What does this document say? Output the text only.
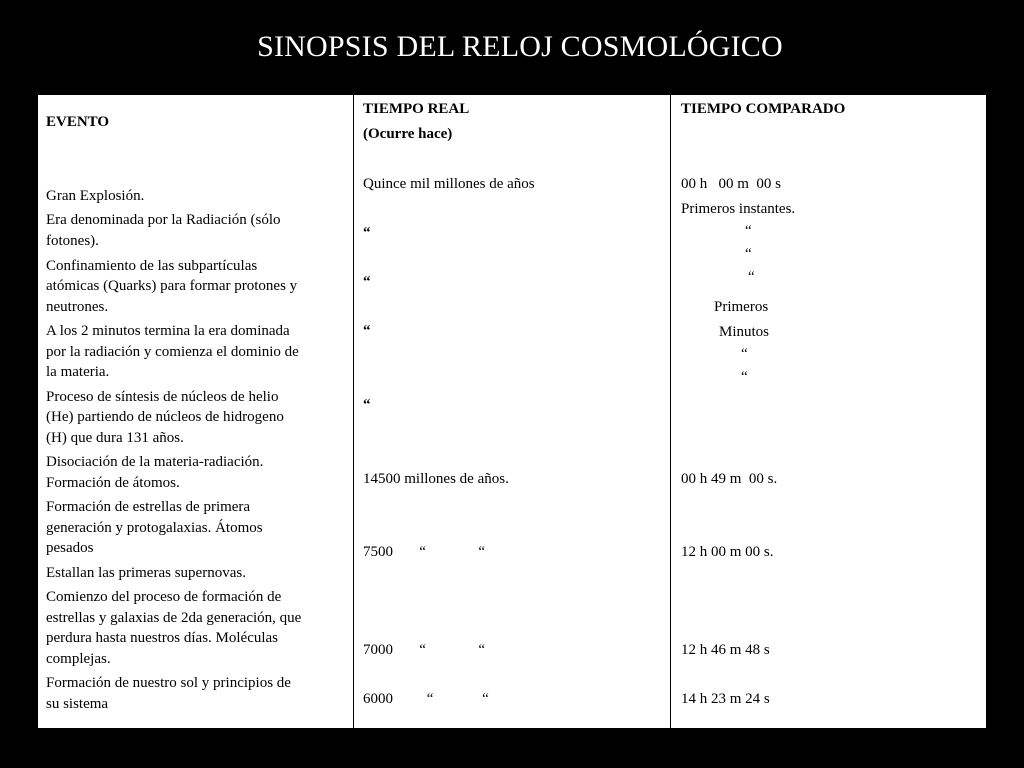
SINOPSIS DEL RELOJ COSMOLÓGICO
EVENTO
TIEMPO REAL
(Ocurre hace)
TIEMPO COMPARADO
Gran Explosión.
Era denominada por la Radiación (sólo
fotones).
Confinamiento de las subpartículas
atómicas (Quarks) para formar protones y
neutrones.
A los 2 minutos termina la era dominada
por la radiación y comienza el dominio de
la materia.
Proceso de síntesis de núcleos de helio
(He) partiendo de núcleos de hidrogeno
(H) que dura 131 años.
Disociación de la materia-radiación.
Formación de átomos.
Formación de estrellas de primera
generación y protogalaxias. Átomos
pesados
Estallan las primeras supernovas.
Comienzo del proceso de formación de
estrellas y galaxias de 2da generación, que
perdura hasta nuestros días. Moléculas
complejas.
Formación de nuestro sol y principios de
su sistema
Quince mil millones de años
“
“
“
“
14500 millones de años.
7500       “              “
7000       “              “
6000         “             “
00 h   00 m  00 s
Primeros instantes.
“
“
“
Primeros
Minutos
“
“
00 h 49 m  00 s.
12 h 00 m 00 s.
12 h 46 m 48 s
14 h 23 m 24 s
